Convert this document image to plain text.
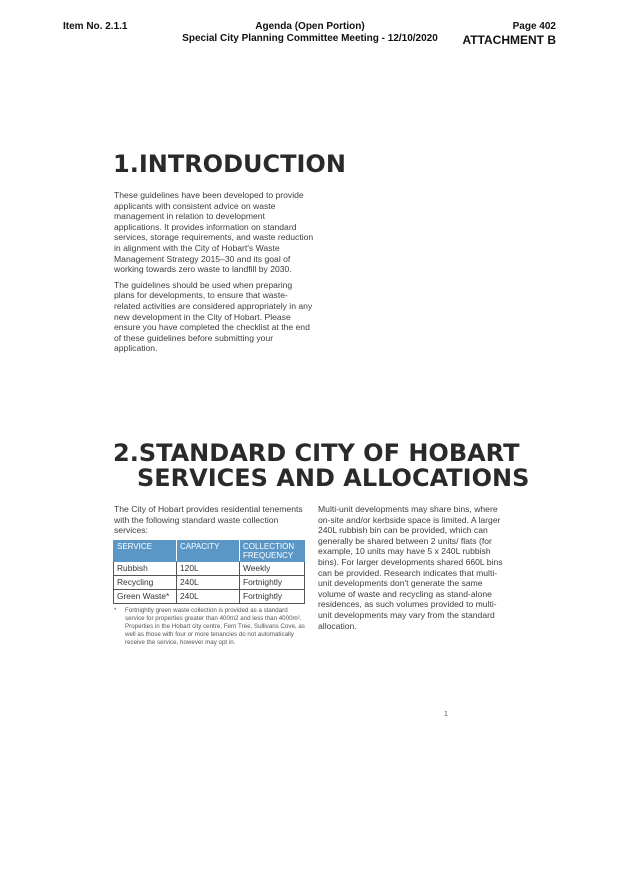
Item No. 2.1.1	Agenda (Open Portion)
Special City Planning Committee Meeting - 12/10/2020
Page 402
ATTACHMENT B
1.INTRODUCTION

These guidelines have been developed to provide applicants with consistent advice on waste management in relation to development applications. It provides information on standard services, storage requirements, and waste reduction in alignment with the City of Hobart's Waste Management Strategy 2015–30 and its goal of working towards zero waste to landfill by 2030.

The guidelines should be used when preparing plans for developments, to ensure that waste-related activities are considered appropriately in any new development in the City of Hobart. Please ensure you have completed the checklist at the end of these guidelines before submitting your application.

2.STANDARD CITY OF HOBART
SERVICES AND ALLOCATIONS

The City of Hobart provides residential tenements with the following standard waste collection services:

SERVICE	CAPACITY	COLLECTION FREQUENCY
Rubbish	120L	Weekly
Recycling	240L	Fortnightly
Green Waste*	240L	Fortnightly
* Fortnightly green waste collection is provided as a standard service for properties greater than 400m2 and less than 4000m². Properties in the Hobart city centre, Fern Tree, Sullivans Cove, as well as those with four or more tenancies do not automatically receive the service, however may opt in.

Multi-unit developments may share bins, where on-site and/or kerbside space is limited. A larger 240L rubbish bin can be provided, which can generally be shared between 2 units/ flats (for example, 10 units may have 5 x 240L rubbish bins). For larger developments shared 660L bins can be provided. Research indicates that multi-unit developments don't generate the same volume of waste and recycling as stand-alone residences, as such volumes provided to multi-unit developments may vary from the standard allocation.

1
